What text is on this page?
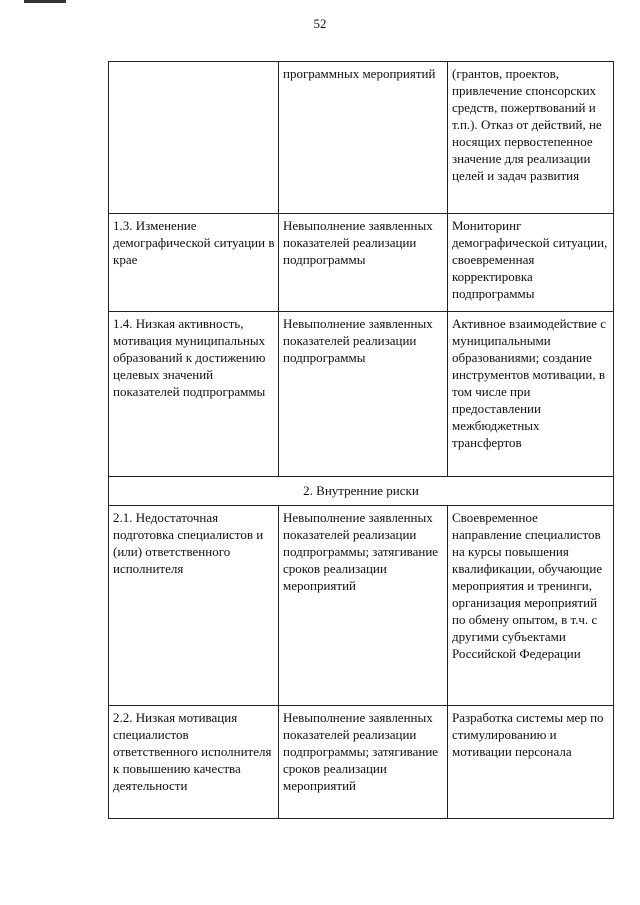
52
	программных мероприятий	(грантов, проектов, привлечение спонсорских средств, пожертвований и т.п.). Отказ от действий, не носящих первостепенное значение для реализации целей и задач развития
1.3. Изменение демографической ситуации в крае	Невыполнение заявленных показателей реализации подпрограммы	Мониторинг демографической ситуации, своевременная корректировка подпрограммы
1.4. Низкая активность, мотивация муниципальных образований к достижению целевых значений показателей подпрограммы	Невыполнение заявленных показателей реализации подпрограммы	Активное взаимодействие с муниципальными образованиями; создание инструментов мотивации, в том числе при предоставлении межбюджетных трансфертов
2. Внутренние риски		
2.1. Недостаточная подготовка специалистов и (или) ответственного исполнителя	Невыполнение заявленных показателей реализации подпрограммы; затягивание сроков реализации мероприятий	Своевременное направление специалистов на курсы повышения квалификации, обучающие мероприятия и тренинги, организация мероприятий по обмену опытом, в т.ч. с другими субъектами Российской Федерации
2.2. Низкая мотивация специалистов ответственного исполнителя к повышению качества деятельности	Невыполнение заявленных показателей реализации подпрограммы; затягивание сроков реализации мероприятий	Разработка системы мер по стимулированию и мотивации персонала
